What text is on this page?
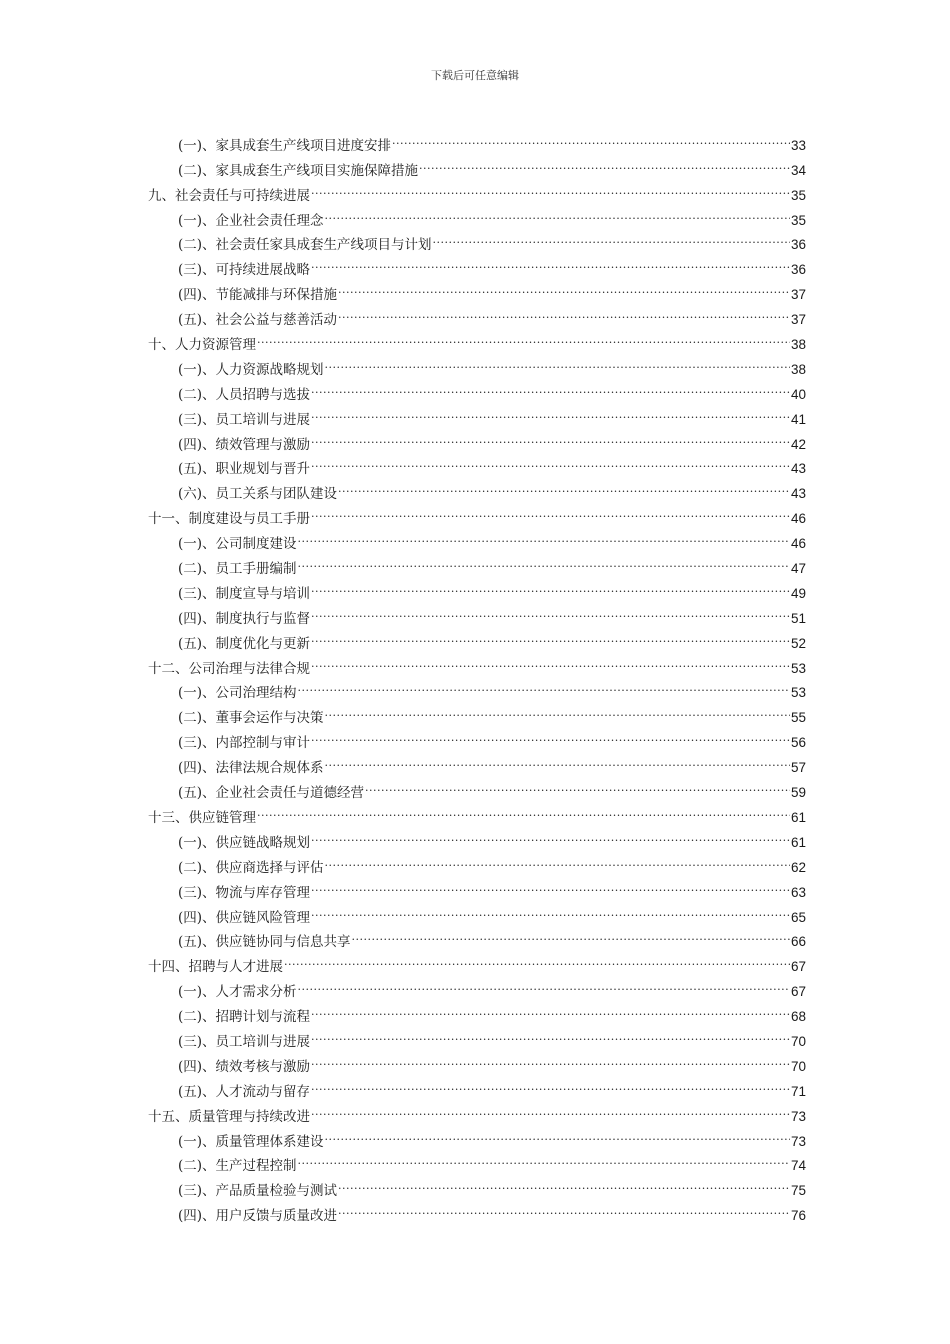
下载后可任意编辑
(一)、家具成套生产线项目进度安排 .....	33
(二)、家具成套生产线项目实施保障措施 .....	34
九、社会责任与可持续进展 .....	35
(一)、企业社会责任理念 .....	35
(二)、社会责任家具成套生产线项目与计划 .....	36
(三)、可持续进展战略 .....	36
(四)、节能减排与环保措施 .....	37
(五)、社会公益与慈善活动 .....	37
十、人力资源管理 .....	38
(一)、人力资源战略规划 .....	38
(二)、人员招聘与选拔 .....	40
(三)、员工培训与进展 .....	41
(四)、绩效管理与激励 .....	42
(五)、职业规划与晋升 .....	43
(六)、员工关系与团队建设 .....	43
十一、制度建设与员工手册 .....	46
(一)、公司制度建设 .....	46
(二)、员工手册编制 .....	47
(三)、制度宣导与培训 .....	49
(四)、制度执行与监督 .....	51
(五)、制度优化与更新 .....	52
十二、公司治理与法律合规 .....	53
(一)、公司治理结构 .....	53
(二)、董事会运作与决策 .....	55
(三)、内部控制与审计 .....	56
(四)、法律法规合规体系 .....	57
(五)、企业社会责任与道德经营 .....	59
十三、供应链管理 .....	61
(一)、供应链战略规划 .....	61
(二)、供应商选择与评估 .....	62
(三)、物流与库存管理 .....	63
(四)、供应链风险管理 .....	65
(五)、供应链协同与信息共享 .....	66
十四、招聘与人才进展 .....	67
(一)、人才需求分析 .....	67
(二)、招聘计划与流程 .....	68
(三)、员工培训与进展 .....	70
(四)、绩效考核与激励 .....	70
(五)、人才流动与留存 .....	71
十五、质量管理与持续改进 .....	73
(一)、质量管理体系建设 .....	73
(二)、生产过程控制 .....	74
(三)、产品质量检验与测试 .....	75
(四)、用户反馈与质量改进 .....	76
